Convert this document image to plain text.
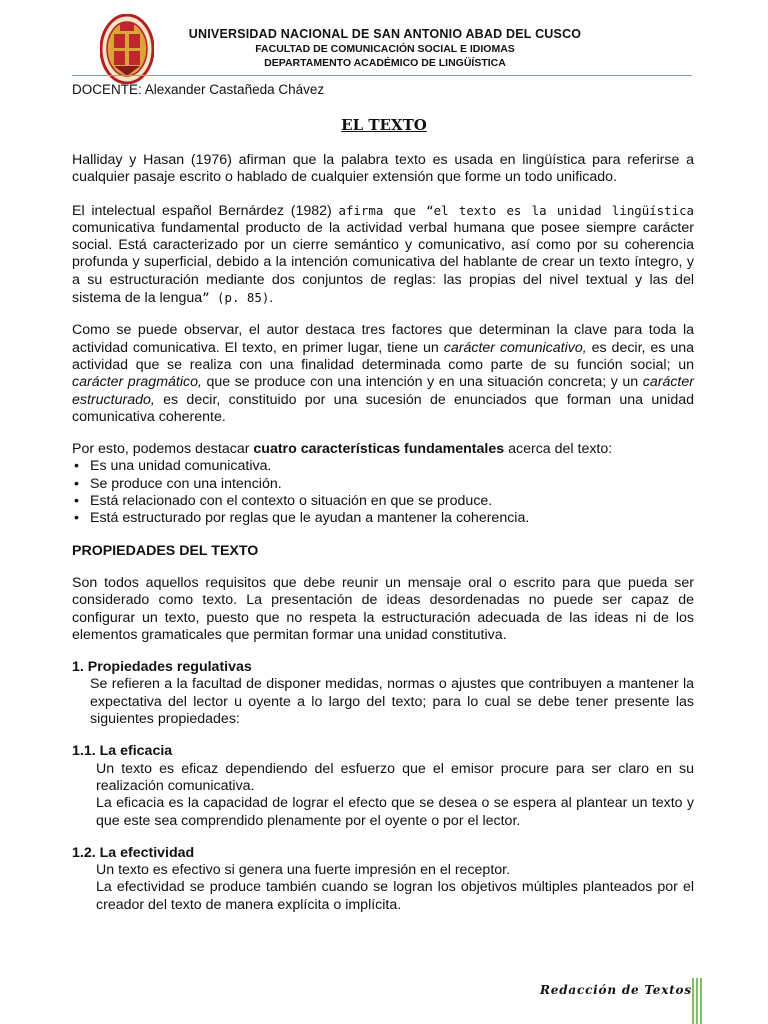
UNIVERSIDAD NACIONAL DE SAN ANTONIO ABAD DEL CUSCO
FACULTAD DE COMUNICACIÓN SOCIAL E IDIOMAS
DEPARTAMENTO ACADÉMICO DE LINGÜÍSTICA
DOCENTE: Alexander Castañeda Chávez
EL TEXTO

Halliday y Hasan (1976) afirman que la palabra texto es usada en lingüística para referirse a cualquier pasaje escrito o hablado de cualquier extensión que forme un todo unificado.

El intelectual español Bernárdez (1982) afirma que “el texto es la unidad lingüística comunicativa fundamental producto de la actividad verbal humana que posee siempre carácter social. Está caracterizado por un cierre semántico y comunicativo, así como por su coherencia profunda y superficial, debido a la intención comunicativa del hablante de crear un texto íntegro, y a su estructuración mediante dos conjuntos de reglas: las propias del nivel textual y las del sistema de la lengua” (p. 85).

Como se puede observar, el autor destaca tres factores que determinan la clave para toda la actividad comunicativa. El texto, en primer lugar, tiene un carácter comunicativo, es decir, es una actividad que se realiza con una finalidad determinada como parte de su función social; un carácter pragmático, que se produce con una intención y en una situación concreta; y un carácter estructurado, es decir, constituido por una sucesión de enunciados que forman una unidad comunicativa coherente.

Por esto, podemos destacar cuatro características fundamentales acerca del texto:
• Es una unidad comunicativa.
• Se produce con una intención.
• Está relacionado con el contexto o situación en que se produce.
• Está estructurado por reglas que le ayudan a mantener la coherencia.
PROPIEDADES DEL TEXTO

Son todos aquellos requisitos que debe reunir un mensaje oral o escrito para que pueda ser considerado como texto. La presentación de ideas desordenadas no puede ser capaz de configurar un texto, puesto que no respeta la estructuración adecuada de las ideas ni de los elementos gramaticales que permitan formar una unidad constitutiva.

1. Propiedades regulativas
Se refieren a la facultad de disponer medidas, normas o ajustes que contribuyen a mantener la expectativa del lector u oyente a lo largo del texto; para lo cual se debe tener presente las siguientes propiedades:
1.1. La eficacia
Un texto es eficaz dependiendo del esfuerzo que el emisor procure para ser claro en su realización comunicativa.
La eficacia es la capacidad de lograr el efecto que se desea o se espera al plantear un texto y que este sea comprendido plenamente por el oyente o por el lector.
1.2. La efectividad
Un texto es efectivo si genera una fuerte impresión en el receptor.
La efectividad se produce también cuando se logran los objetivos múltiples planteados por el creador del texto de manera explícita o implícita.
Redacción de Textos
